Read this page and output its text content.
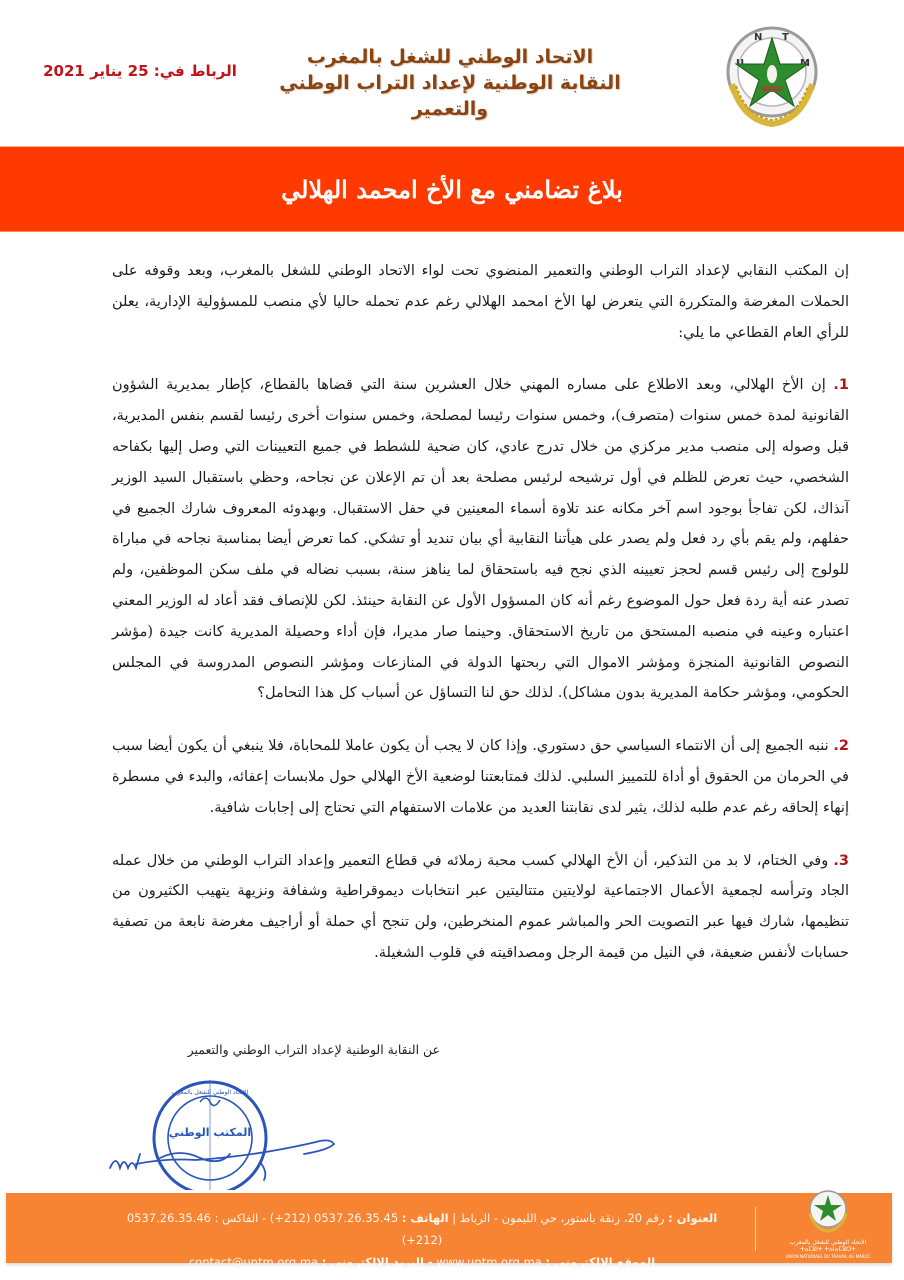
N T
الاتحاد الوطني للشغل بالمغرب
النقابة الوطنية لإعداد التراب الوطني والتعمير
الرباط في: 25 يناير 2021
بلاغ تضامني مع الأخ امحمد الهلالي

إن المكتب النقابي لإعداد التراب الوطني والتعمير المنضوي تحت لواء الاتحاد الوطني للشغل بالمغرب، وبعد وقوفه على الحملات المغرضة والمتكررة التي يتعرض لها الأخ امحمد الهلالي رغم عدم تحمله حاليا لأي منصب للمسؤولية الإدارية، يعلن للرأي العام القطاعي ما يلي:

1. إن الأخ الهلالي، وبعد الاطلاع على مساره المهني خلال العشرين سنة التي قضاها بالقطاع، كإطار بمديرية الشؤون القانونية لمدة خمس سنوات (متصرف)، وخمس سنوات رئيسا لمصلحة، وخمس سنوات أخرى رئيسا لقسم بنفس المديرية، قبل وصوله إلى منصب مدير مركزي من خلال تدرج عادي، كان ضحية للشطط في جميع التعيينات التي وصل إليها بكفاحه الشخصي، حيث تعرض للظلم في أول ترشيحه لرئيس مصلحة بعد أن تم الإعلان عن نجاحه، وحظي باستقبال السيد الوزير آنذاك، لكن تفاجأ بوجود اسم آخر مكانه عند تلاوة أسماء المعينين في حفل الاستقبال. وبهدوئه المعروف شارك الجميع في حفلهم، ولم يقم بأي رد فعل ولم يصدر على هيأتنا النقابية أي بيان تنديد أو تشكي. كما تعرض أيضا بمناسبة نجاحه في مباراة للولوج إلى رئيس قسم لحجز تعيينه الذي نجح فيه باستحقاق لما يناهز سنة، بسبب نضاله في ملف سكن الموظفين، ولم تصدر عنه أية ردة فعل حول الموضوع رغم أنه كان المسؤول الأول عن النقابة حينئذ. لكن للإنصاف فقد أعاد له الوزير المعني اعتباره وعينه في منصبه المستحق من تاريخ الاستحقاق. وحينما صار مديرا، فإن أداء وحصيلة المديرية كانت جيدة (مؤشر النصوص القانونية المنجزة ومؤشر الاموال التي ربحتها الدولة في المنازعات ومؤشر النصوص المدروسة في المجلس الحكومي، ومؤشر حكامة المديرية بدون مشاكل). لذلك حق لنا التساؤل عن أسباب كل هذا التحامل؟

2. ننبه الجميع إلى أن الانتماء السياسي حق دستوري. وإذا كان لا يجب أن يكون عاملا للمحاباة، فلا ينبغي أن يكون أيضا سبب في الحرمان من الحقوق أو أداة للتمييز السلبي. لذلك فمتابعتنا لوضعية الأخ الهلالي حول ملابسات إعفائه، والبدء في مسطرة إنهاء إلحاقه رغم عدم طلبه لذلك، يثير لدى نقابتنا العديد من علامات الاستفهام التي تحتاج إلى إجابات شافية.

3. وفي الختام، لا بد من التذكير، أن الأخ الهلالي كسب محبة زملائه في قطاع التعمير وإعداد التراب الوطني من خلال عمله الجاد وترأسه لجمعية الأعمال الاجتماعية لولايتين متتاليتين عبر انتخابات ديموقراطية وشفافة ونزيهة يتهيب الكثيرون من تنظيمها، شارك فيها عبر التصويت الحر والمباشر عموم المنخرطين، ولن تنجح أي حملة أو أراجيف مغرضة نابعة من تصفية حسابات لأنفس ضعيفة، في النيل من قيمة الرجل ومصداقيته في قلوب الشغيلة.

عن النقابة الوطنية لإعداد التراب الوطني والتعمير
المكتب الوطني
الاتحاد الوطني للشغل بالمغرب
الاتحاد الوطني للشغل بالمغرب
ⵜⴰⵎⵓⵏⵜ ⵜⴰⵏⴰⵎⵓⵔⵜ
UNION NATIONALE DU TRAVAIL AU MAROC
العنوان : رقم 20، زنقة باستور، حي الليمون - الرباط | الهاتف : 0537.26.35.45 (212+) - الفاكس : 0537.26.35.46 (212+)
الموقع الإلكتروني : www.untm.org.ma - البريد الإلكتروني : contact@untm.org.ma
